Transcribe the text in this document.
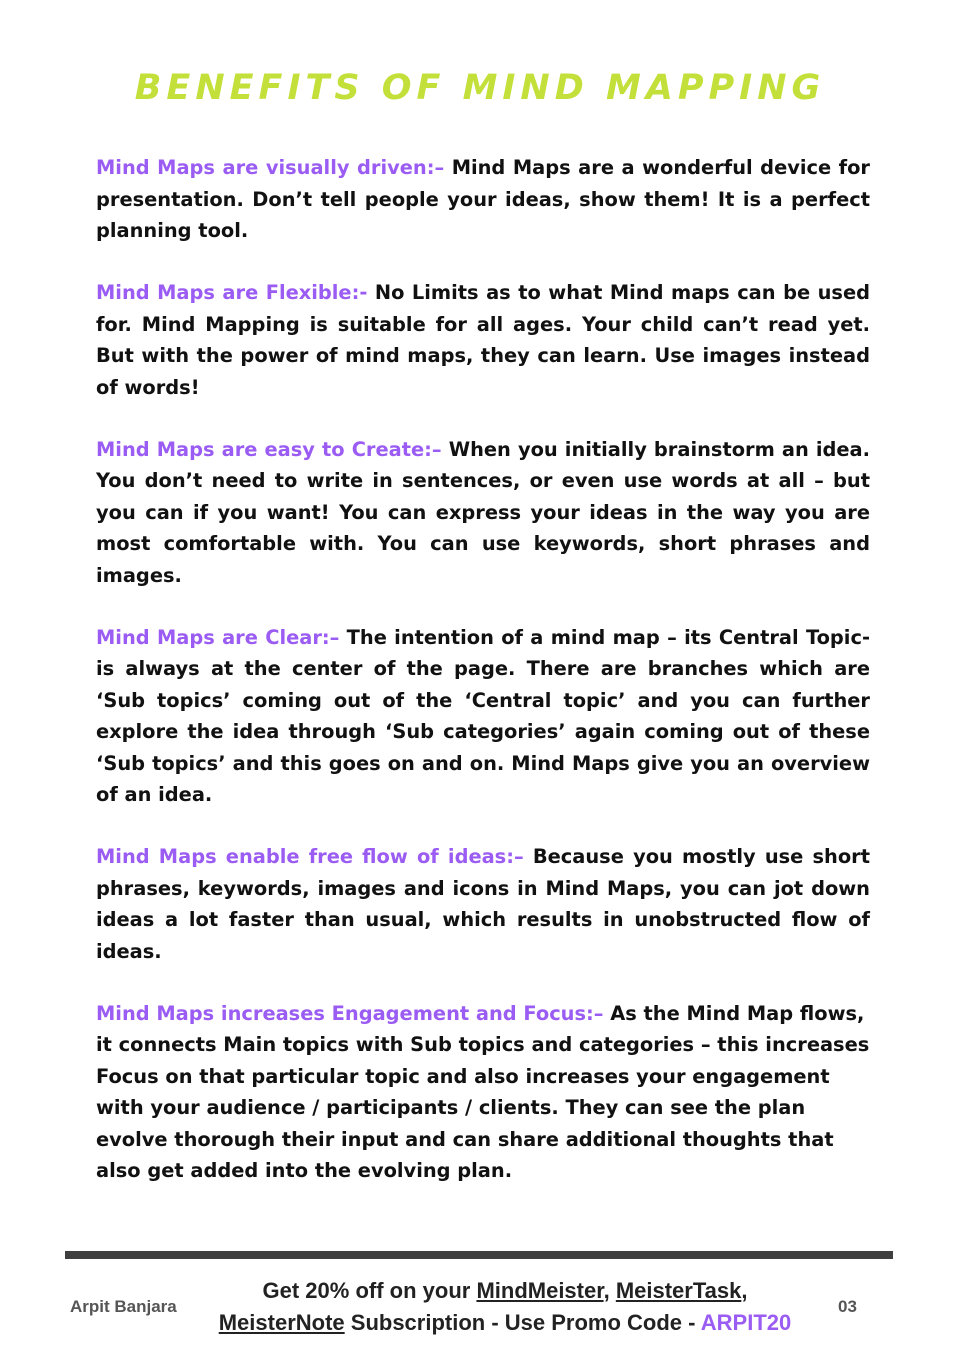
BENEFITS OF MIND MAPPING

Mind Maps are visually driven:– Mind Maps are a wonderful device for presentation. Don’t tell people your ideas, show them! It is a perfect planning tool.

Mind Maps are Flexible:- No Limits as to what Mind maps can be used for. Mind Mapping is suitable for all ages. Your child can’t read yet. But with the power of mind maps, they can learn. Use images instead of words!

Mind Maps are easy to Create:– When you initially brainstorm an idea. You don’t need to write in sentences, or even use words at all – but you can if you want! You can express your ideas in the way you are most comfortable with. You can use keywords, short phrases and images.

Mind Maps are Clear:– The intention of a mind map – its Central Topic- is always at the center of the page. There are branches which are ‘Sub topics’ coming out of the ‘Central topic’ and you can further explore the idea through ‘Sub categories’ again coming out of these ‘Sub topics’ and this goes on and on. Mind Maps give you an overview of an idea.

Mind Maps enable free flow of ideas:– Because you mostly use short phrases, keywords, images and icons in Mind Maps, you can jot down ideas a lot faster than usual, which results in unobstructed flow of ideas.

Mind Maps increases Engagement and Focus:– As the Mind Map flows, it connects Main topics with Sub topics and categories – this increases Focus on that particular topic and also increases your engagement with your audience / participants / clients. They can see the plan evolve thorough their input and can share additional thoughts that also get added into the evolving plan.

Arpit Banjara
Get 20% off on your MindMeister, MeisterTask,
MeisterNote Subscription - Use Promo Code - ARPIT20
03
